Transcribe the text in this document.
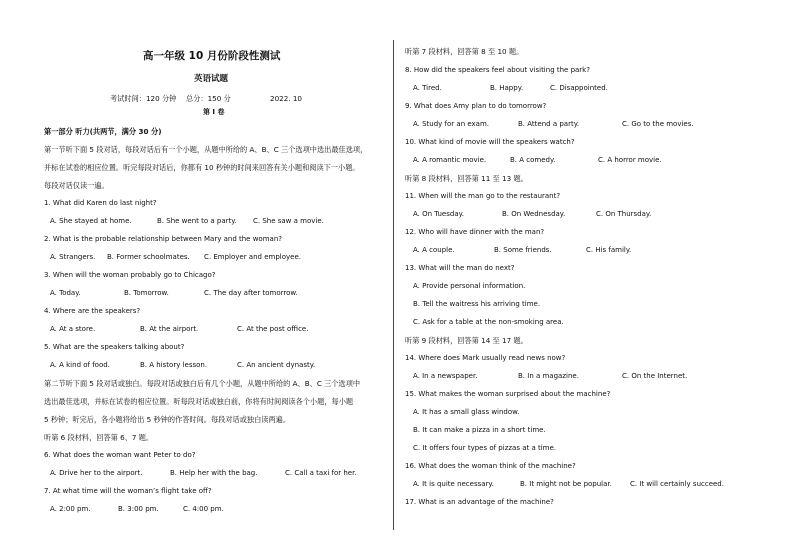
高一年级 10 月份阶段性测试
英语试题
考试时间：120 分钟 总分：150 分	2022. 10
第 I 卷
第一部分 听力(共两节，满分 30 分)
第一节听下面 5 段对话，每段对话后有一个小题，从题中所给的 A、B、C 三个选项中选出最佳选项，
并标在试卷的相应位置。听完每段对话后，你都有 10 秒钟的时间来回答有关小题和阅读下一小题。
每段对话仅读一遍。
1. What did Karen do last night?
A. She stayed at home.	B. She went to a party. C. She saw a movie.
2. What is the probable relationship between Mary and the woman?
A. Strangers. B. Former schoolmates. C. Employer and employee.
3. When will the woman probably go to Chicago?
A. Today.	B. Tomorrow.	C. The day after tomorrow.
4. Where are the speakers?
A. At a store.	B. At the airport.	C. At the post office.
5. What are the speakers talking about?
A. A kind of food.	B. A history lesson.	C. An ancient dynasty.
第二节听下面 5 段对话或独白。每段对话或独白后有几个小题，从题中所给的 A、B、C 三个选项中
选出最佳选项，并标在试卷的相应位置。听每段对话或独白前，你将有时间阅读各个小题，每小题
5 秒钟；听完后，各小题将给出 5 秒钟的作答时间。每段对话或独白读两遍。
听第 6 段材料，回答第 6、7 题。
6. What does the woman want Peter to do?
A. Drive her to the airport.	B. Help her with the bag.	C. Call a taxi for her.
7. At what time will the woman’s flight take off?
A. 2:00 pm.	B. 3:00 pm.	C. 4:00 pm.
听第 7 段材料，回答第 8 至 10 题。
8. How did the speakers feel about visiting the park?
A. Tired.	B. Happy.	C. Disappointed.
9. What does Amy plan to do tomorrow?
A. Study for an exam.	B. Attend a party.	C. Go to the movies.
10. What kind of movie will the speakers watch?
A. A romantic movie.	B. A comedy.	C. A horror movie.
听第 8 段材料，回答第 11 至 13 题。
11. When will the man go to the restaurant?
A. On Tuesday.	B. On Wednesday.	C. On Thursday.
12. Who will have dinner with the man?
A. A couple.	B. Some friends.	C. His family.
13. What will the man do next?
A. Provide personal information.
B. Tell the waitress his arriving time.
C. Ask for a table at the non-smoking area.
听第 9 段材料，回答第 14 至 17 题。
14. Where does Mark usually read news now?
A. In a newspaper.	B. In a magazine.	C. On the Internet.
15. What makes the woman surprised about the machine?
A. It has a small glass window.
B. It can make a pizza in a short time.
C. It offers four types of pizzas at a time.
16. What does the woman think of the machine?
A. It is quite necessary.	B. It might not be popular.	C. It will certainly succeed.
17. What is an advantage of the machine?
